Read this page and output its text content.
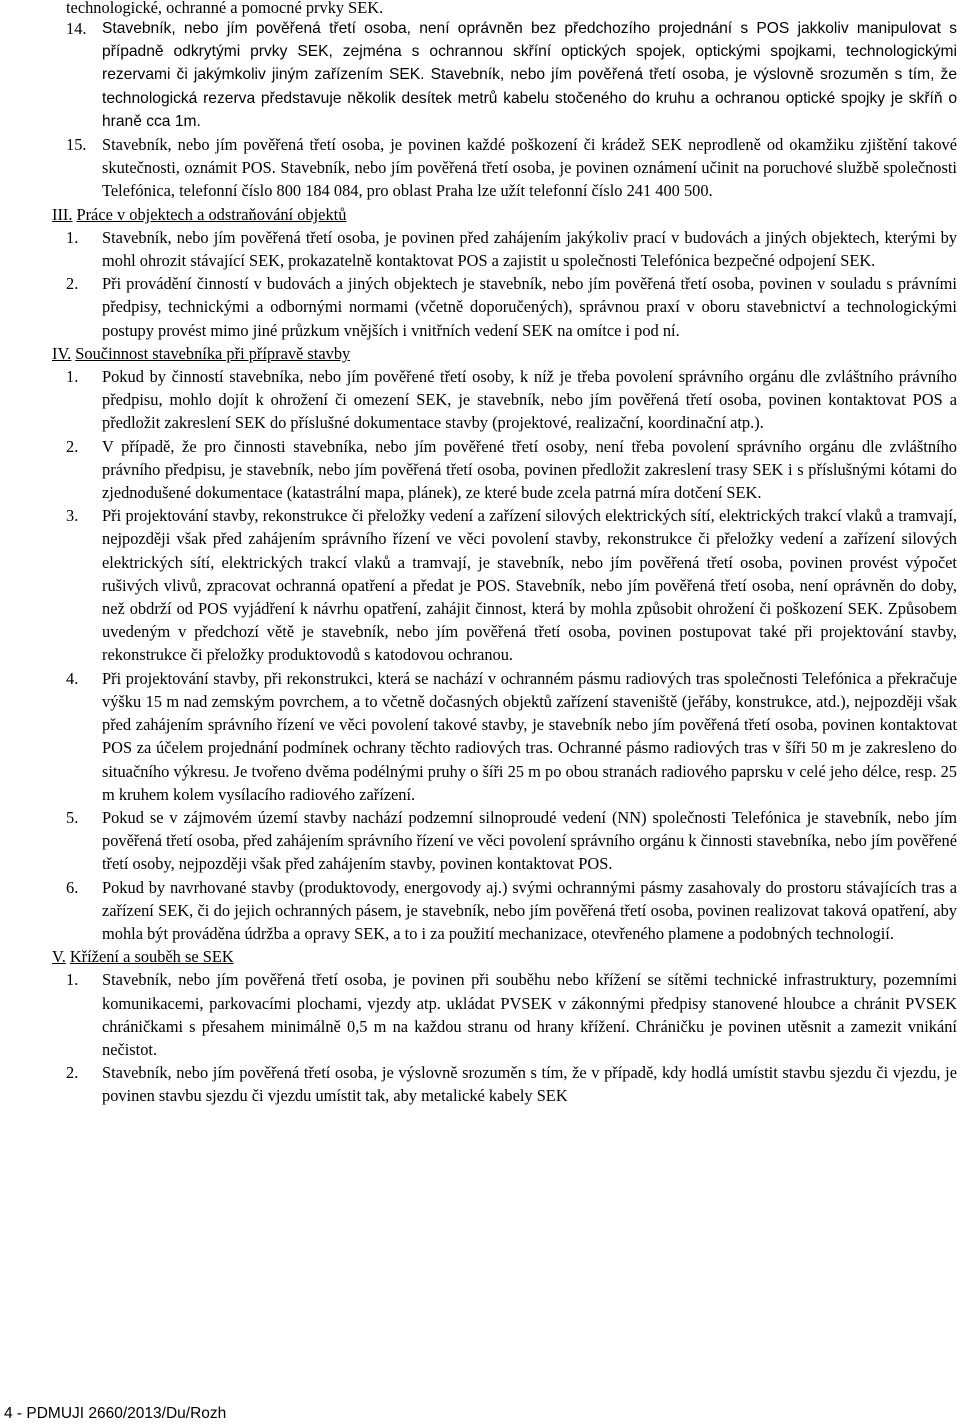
technologické, ochranné a pomocné prvky SEK.
14. Stavebník, nebo jím pověřená třetí osoba, není oprávněn bez předchozího projednání s POS jakkoliv manipulovat s případně odkrytými prvky SEK, zejména s ochrannou skříní optických spojek, optickými spojkami, technologickými rezervami či jakýmkoliv jiným zařízením SEK. Stavebník, nebo jím pověřená třetí osoba, je výslovně srozuměn s tím, že technologická rezerva představuje několik desítek metrů kabelu stočeného do kruhu a ochranou optické spojky je skříň o hraně cca 1m.
15. Stavebník, nebo jím pověřená třetí osoba, je povinen každé poškození či krádež SEK neprodleně od okamžiku zjištění takové skutečnosti, oznámit POS. Stavebník, nebo jím pověřená třetí osoba, je povinen oznámení učinit na poruchové službě společnosti Telefónica, telefonní číslo 800 184 084, pro oblast Praha lze užít telefonní číslo 241 400 500.
III. Práce v objektech a odstraňování objektů
1.	Stavebník, nebo jím pověřená třetí osoba, je povinen před zahájením jakýkoliv prací v budovách a jiných objektech, kterými by mohl ohrozit stávající SEK, prokazatelně kontaktovat POS a zajistit u společnosti Telefónica bezpečné odpojení SEK.
2.	Při provádění činností v budovách a jiných objektech je stavebník, nebo jím pověřená třetí osoba, povinen v souladu s právními předpisy, technickými a odbornými normami (včetně doporučených), správnou praxí v oboru stavebnictví a technologickými postupy provést mimo jiné průzkum vnějších i vnitřních vedení SEK na omítce i pod ní.
IV. Součinnost stavebníka při přípravě stavby
1.	Pokud by činností stavebníka, nebo jím pověřené třetí osoby, k níž je třeba povolení správního orgánu dle zvláštního právního předpisu, mohlo dojít k ohrožení či omezení SEK, je stavebník, nebo jím pověřená třetí osoba, povinen kontaktovat POS a předložit zakreslení SEK do příslušné dokumentace stavby (projektové, realizační, koordinační atp.).
2.	V případě, že pro činnosti stavebníka, nebo jím pověřené třetí osoby, není třeba povolení správního orgánu dle zvláštního právního předpisu, je stavebník, nebo jím pověřená třetí osoba, povinen předložit zakreslení trasy SEK i s příslušnými kótami do zjednodušené dokumentace (katastrální mapa, plánek), ze které bude zcela patrná míra dotčení SEK.
3.	Při projektování stavby, rekonstrukce či přeložky vedení a zařízení silových elektrických sítí, elektrických trakcí vlaků a tramvají, nejpozději však před zahájením správního řízení ve věci povolení stavby, rekonstrukce či přeložky vedení a zařízení silových elektrických sítí, elektrických trakcí vlaků a tramvají, je stavebník, nebo jím pověřená třetí osoba, povinen provést výpočet rušivých vlivů, zpracovat ochranná opatření a předat je POS. Stavebník, nebo jím pověřená třetí osoba, není oprávněn do doby, než obdrží od POS vyjádření k návrhu opatření, zahájit činnost, která by mohla způsobit ohrožení či poškození SEK. Způsobem uvedeným v předchozí větě je stavebník, nebo jím pověřená třetí osoba, povinen postupovat také při projektování stavby, rekonstrukce či přeložky produktovodů s katodovou ochranou.
4.	Při projektování stavby, při rekonstrukci, která se nachází v ochranném pásmu radiových tras společnosti Telefónica a překračuje výšku 15 m nad zemským povrchem, a to včetně dočasných objektů zařízení staveniště (jeřáby, konstrukce, atd.), nejpozději však před zahájením správního řízení ve věci povolení takové stavby, je stavebník nebo jím pověřená třetí osoba, povinen kontaktovat POS za účelem projednání podmínek ochrany těchto radiových tras. Ochranné pásmo radiových tras v šíři 50 m je zakresleno do situačního výkresu. Je tvořeno dvěma podélnými pruhy o šíři 25 m po obou stranách radiového paprsku v celé jeho délce, resp. 25 m kruhem kolem vysílacího radiového zařízení.
5.	Pokud se v zájmovém území stavby nachází podzemní silnoproudé vedení (NN) společnosti Telefónica je stavebník, nebo jím pověřená třetí osoba, před zahájením správního řízení ve věci povolení správního orgánu k činnosti stavebníka, nebo jím pověřené třetí osoby, nejpozději však před zahájením stavby, povinen kontaktovat POS.
6.	Pokud by navrhované stavby (produktovody, energovody aj.) svými ochrannými pásmy zasahovaly do prostoru stávajících tras a zařízení SEK, či do jejich ochranných pásem, je stavebník, nebo jím pověřená třetí osoba, povinen realizovat taková opatření, aby mohla být prováděna údržba a opravy SEK, a to i za použití mechanizace, otevřeného plamene a podobných technologií.
V. Křížení a souběh se SEK
1.	Stavebník, nebo jím pověřená třetí osoba, je povinen při souběhu nebo křížení se sítěmi technické infrastruktury, pozemními komunikacemi, parkovacími plochami, vjezdy atp. ukládat PVSEK v zákonnými předpisy stanovené hloubce a chránit PVSEK chráničkami s přesahem minimálně 0,5 m na každou stranu od hrany křížení. Chráničku je povinen utěsnit a zamezit vnikání nečistot.
2.	Stavebník, nebo jím pověřená třetí osoba, je výslovně srozuměn s tím, že v případě, kdy hodlá umístit stavbu sjezdu či vjezdu, je povinen stavbu sjezdu či vjezdu umístit tak, aby metalické kabely SEK
4 - PDMUJI 2660/2013/Du/Rozh
